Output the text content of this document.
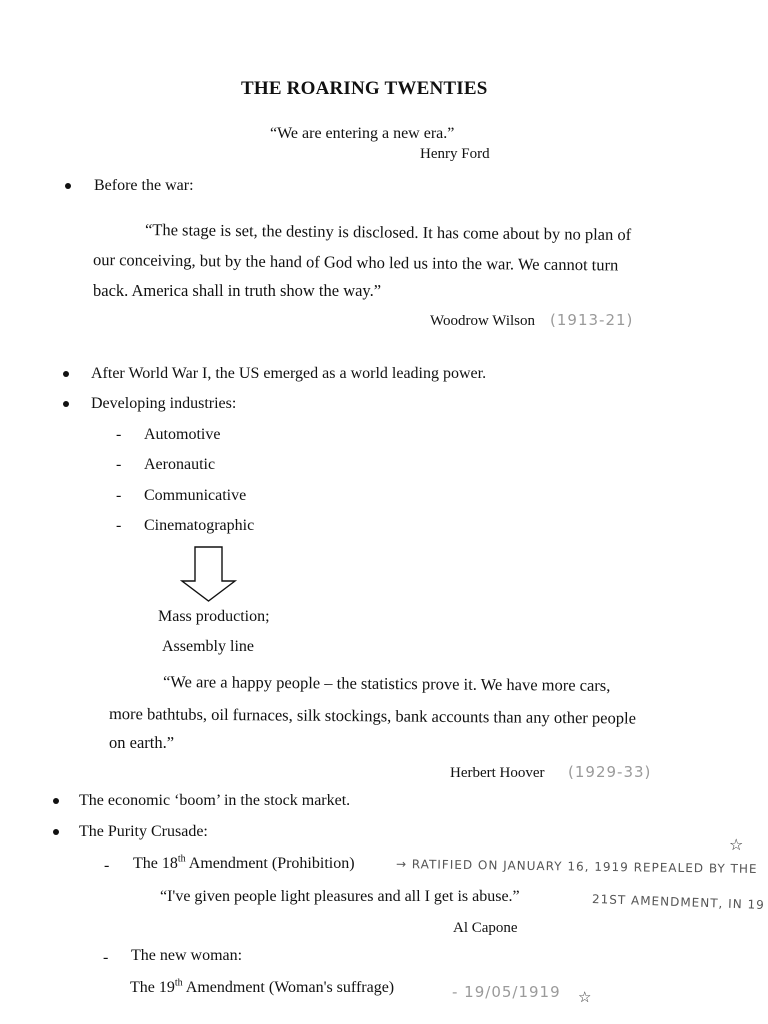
THE ROARING TWENTIES
“We are entering a new era.”
Henry Ford
Before the war:
“The stage is set, the destiny is disclosed. It has come about by no plan of
our conceiving, but by the hand of God who led us into the war. We cannot turn
back. America shall in truth show the way.”
Woodrow Wilson (1913-21)
After World War I, the US emerged as a world leading power.
Developing industries:
- Automotive
- Aeronautic
- Communicative
- Cinematographic
Mass production;
Assembly line
“We are a happy people – the statistics prove it. We have more cars,
more bathtubs, oil furnaces, silk stockings, bank accounts than any other people
on earth.”
Herbert Hoover (1929-33)
The economic ‘boom’ in the stock market.
The Purity Crusade:
☆
- The 18th Amendment (Prohibition)	→ RATIFIED ON JANUARY 16, 1919 REPEALED BY THE
“I've given people light pleasures and all I get is abuse.”	21ST AMENDMENT, IN 19
Al Capone
- The new woman:
The 19th Amendment (Woman's suffrage)	- 19/05/1919 ☆
